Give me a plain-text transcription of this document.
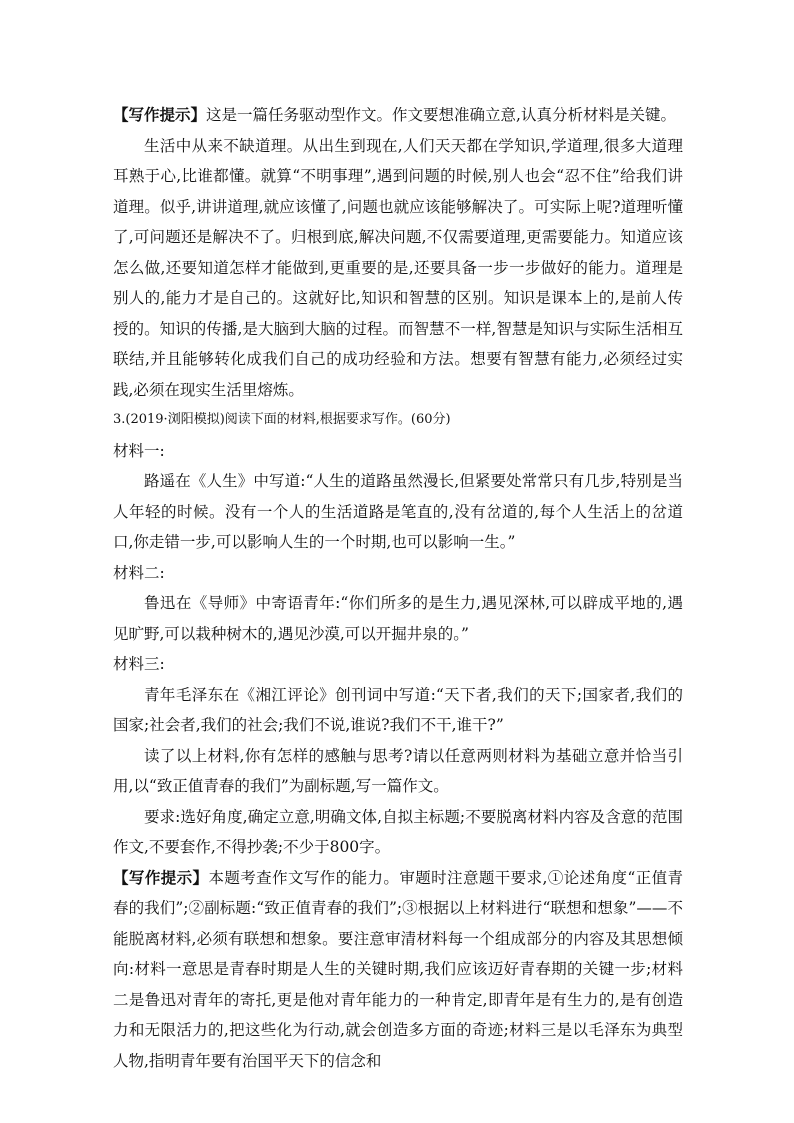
【写作提示】这是一篇任务驱动型作文。作文要想准确立意,认真分析材料是关键。

生活中从来不缺道理。从出生到现在,人们天天都在学知识,学道理,很多大道理耳熟于心,比谁都懂。就算“不明事理”,遇到问题的时候,别人也会“忍不住”给我们讲道理。似乎,讲讲道理,就应该懂了,问题也就应该能够解决了。可实际上呢?道理听懂了,可问题还是解决不了。归根到底,解决问题,不仅需要道理,更需要能力。知道应该怎么做,还要知道怎样才能做到,更重要的是,还要具备一步一步做好的能力。道理是别人的,能力才是自己的。这就好比,知识和智慧的区别。知识是课本上的,是前人传授的。知识的传播,是大脑到大脑的过程。而智慧不一样,智慧是知识与实际生活相互联结,并且能够转化成我们自己的成功经验和方法。想要有智慧有能力,必须经过实践,必须在现实生活里熔炼。

3.(2019·浏阳模拟)阅读下面的材料,根据要求写作。(60分)

材料一:

路遥在《人生》中写道:“人生的道路虽然漫长,但紧要处常常只有几步,特别是当人年轻的时候。没有一个人的生活道路是笔直的,没有岔道的,每个人生活上的岔道口,你走错一步,可以影响人生的一个时期,也可以影响一生。”

材料二:

鲁迅在《导师》中寄语青年:“你们所多的是生力,遇见深林,可以辟成平地的,遇见旷野,可以栽种树木的,遇见沙漠,可以开掘井泉的。”

材料三:

青年毛泽东在《湘江评论》创刊词中写道:“天下者,我们的天下;国家者,我们的国家;社会者,我们的社会;我们不说,谁说?我们不干,谁干?”

读了以上材料,你有怎样的感触与思考?请以任意两则材料为基础立意并恰当引用,以“致正值青春的我们”为副标题,写一篇作文。

要求:选好角度,确定立意,明确文体,自拟主标题;不要脱离材料内容及含意的范围作文,不要套作,不得抄袭;不少于800字。

【写作提示】本题考查作文写作的能力。审题时注意题干要求,①论述角度“正值青春的我们”;②副标题:“致正值青春的我们”;③根据以上材料进行“联想和想象”——不能脱离材料,必须有联想和想象。要注意审清材料每一个组成部分的内容及其思想倾向:材料一意思是青春时期是人生的关键时期,我们应该迈好青春期的关键一步;材料二是鲁迅对青年的寄托,更是他对青年能力的一种肯定,即青年是有生力的,是有创造力和无限活力的,把这些化为行动,就会创造多方面的奇迹;材料三是以毛泽东为典型人物,指明青年要有治国平天下的信念和
